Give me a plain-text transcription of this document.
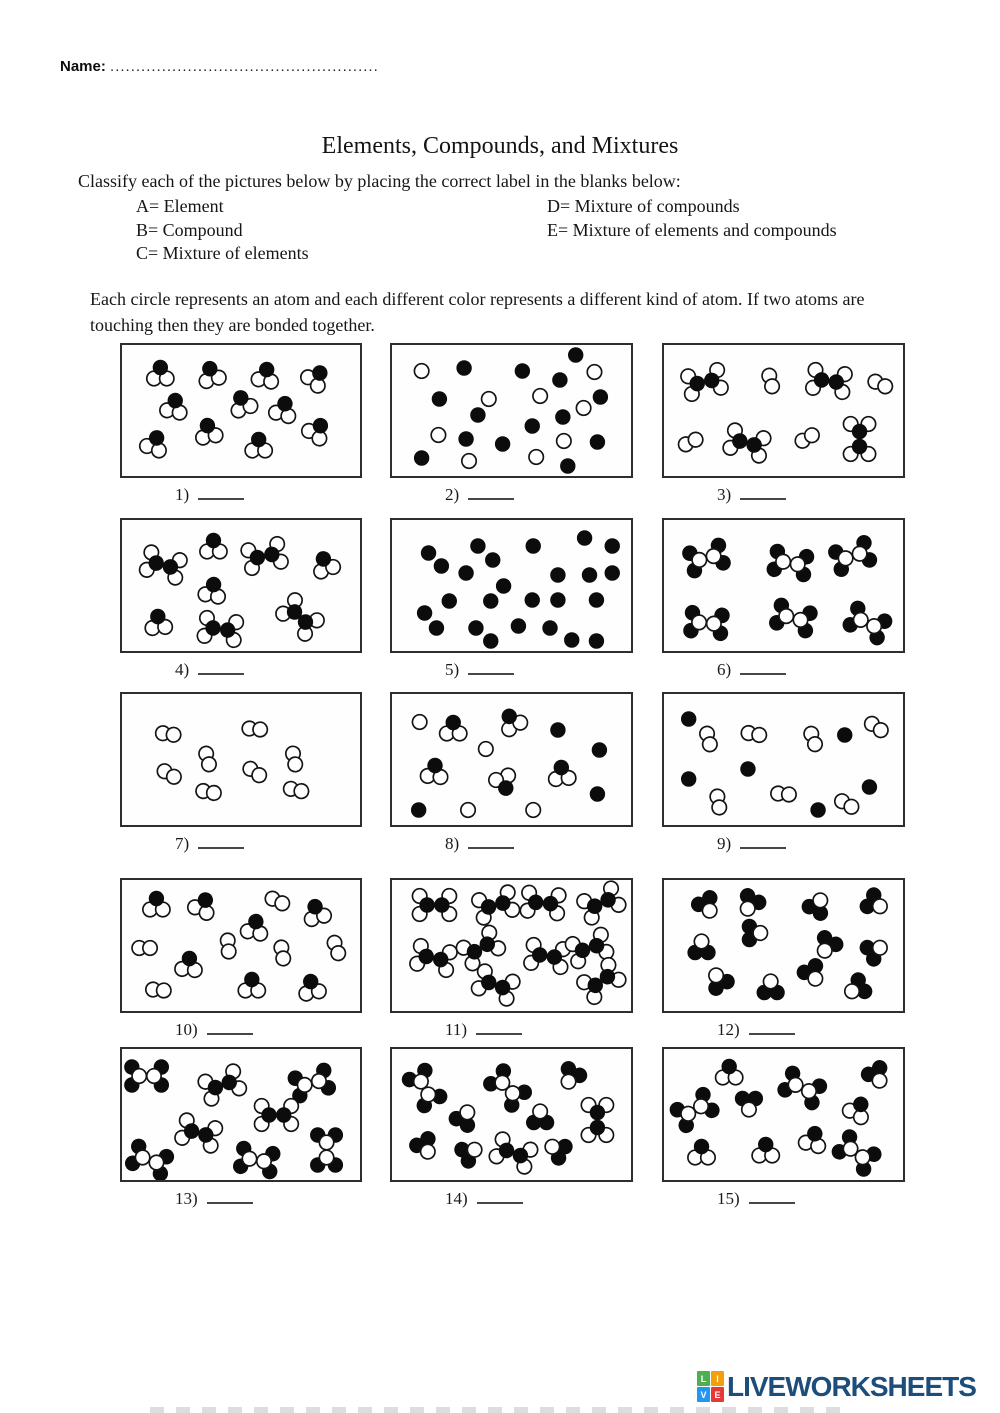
Name: ....................................................
Elements, Compounds, and Mixtures
Classify each of the pictures below by placing the correct label in the blanks below:
A= Element
B= Compound
C= Mixture of elements
D= Mixture of compounds
E= Mixture of elements and compounds
Each circle represents an atom and each different color represents a different kind of atom. If two atoms are touching then they are bonded together.
1)	2)	3)
4)	5)	6)
7)	8)	9)
10)	11)	12)
13)	14)	15)
L	I
V E LIVEWORKSHEETS
